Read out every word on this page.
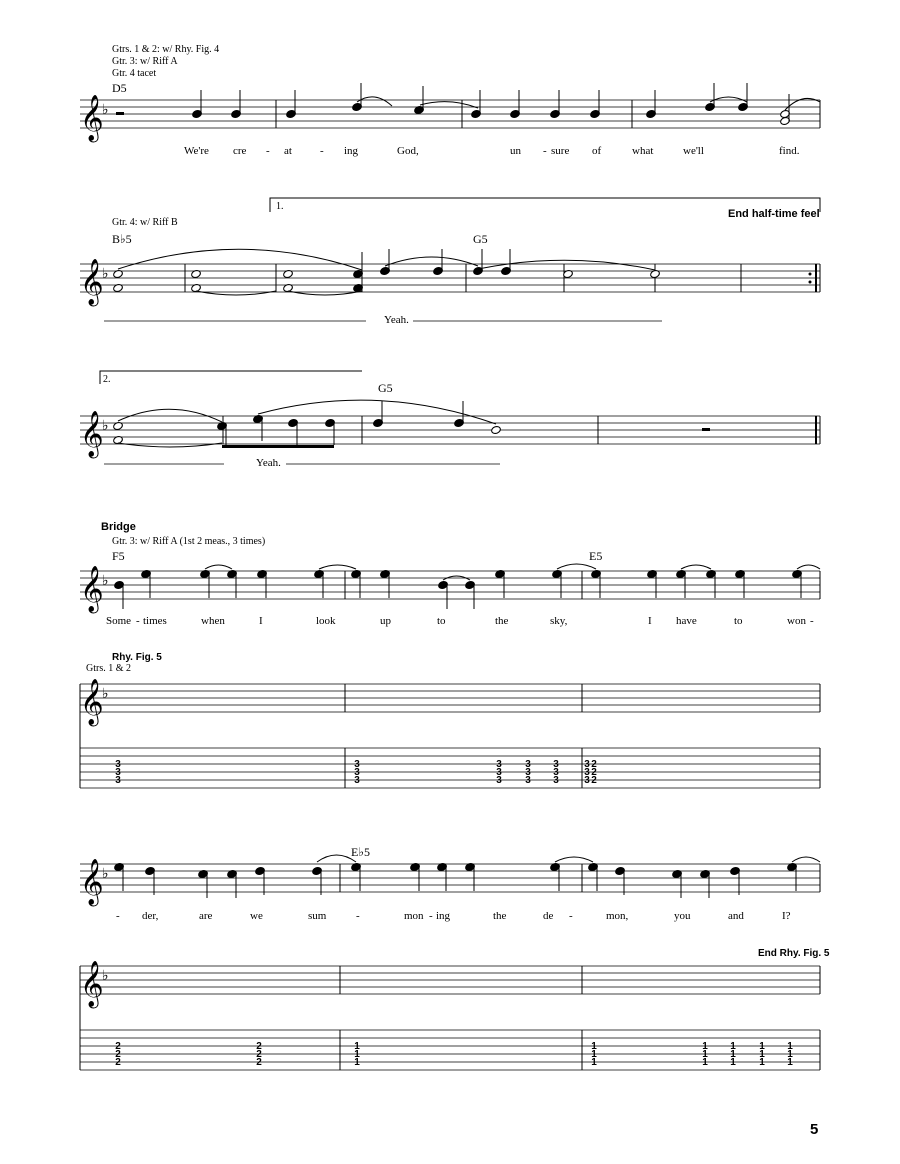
𝄞
♭
𝄞
♭
𝄞
♭
𝄞
♭
𝄞
♭
𝄞
♭
𝄞
♭
3
3
3
3
3
3
3
3
3
3
3
3
3
3
3
3
3
3
2
2
2
2
2
2
2
2
2
1
1
1
1
1
1
1
1
1
1
1
1
1
1
1
1
1
1
Gtrs. 1 & 2: w/ Rhy. Fig. 4
Gtr. 3: w/ Riff A
Gtr. 4 tacet
D5
We're cre - at	- ing	God,	un - sure of	what	we'll	find.
1.
End half-time feel
Gtr. 4: w/ Riff B
B♭5	G5
Yeah.
2.
G5
Yeah.
Bridge
Gtr. 3: w/ Riff A (1st 2 meas., 3 times)
F5	E5
Some - times	when	I	look	up	to	the	sky,	I have	to	won -
Rhy. Fig. 5
Gtrs. 1 & 2
E♭5
- der,	are	we	sum	-	mon - ing	the	de -	mon,	you	and	I?
End Rhy. Fig. 5
5
